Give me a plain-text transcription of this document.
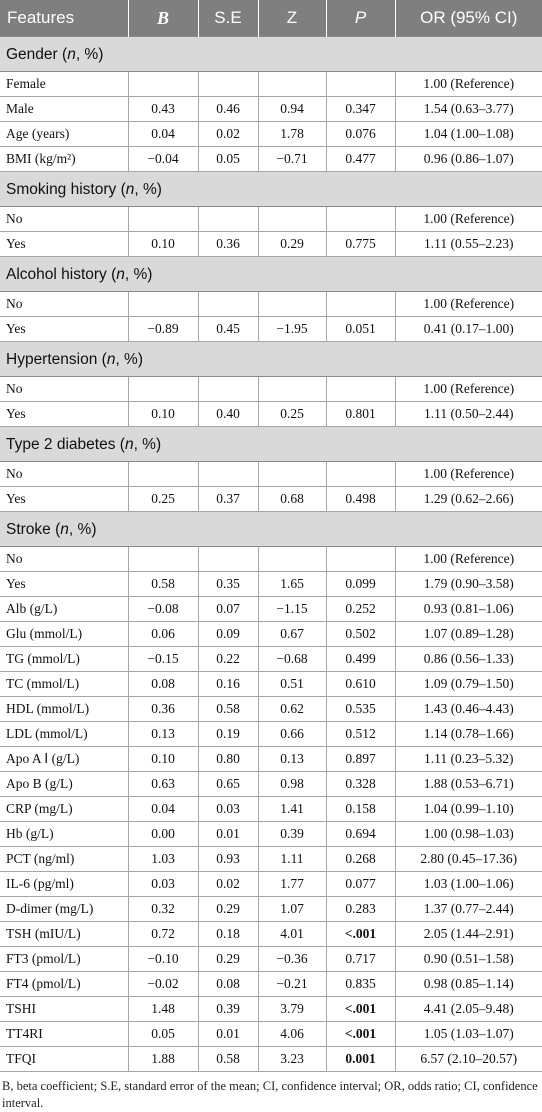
Features	B	S.E	Z	P	OR (95% CI)
Gender (n, %)					
Female					1.00 (Reference)
Male	0.43	0.46	0.94	0.347	1.54 (0.63–3.77)
Age (years)	0.04	0.02	1.78	0.076	1.04 (1.00–1.08)
BMI (kg/m²)	−0.04	0.05	−0.71	0.477	0.96 (0.86–1.07)
Smoking history (n, %)					
No					1.00 (Reference)
Yes	0.10	0.36	0.29	0.775	1.11 (0.55–2.23)
Alcohol history (n, %)					
No					1.00 (Reference)
Yes	−0.89	0.45	−1.95	0.051	0.41 (0.17–1.00)
Hypertension (n, %)					
No					1.00 (Reference)
Yes	0.10	0.40	0.25	0.801	1.11 (0.50–2.44)
Type 2 diabetes (n, %)					
No					1.00 (Reference)
Yes	0.25	0.37	0.68	0.498	1.29 (0.62–2.66)
Stroke (n, %)					
No					1.00 (Reference)
Yes	0.58	0.35	1.65	0.099	1.79 (0.90–3.58)
Alb (g/L)	−0.08	0.07	−1.15	0.252	0.93 (0.81–1.06)
Glu (mmol/L)	0.06	0.09	0.67	0.502	1.07 (0.89–1.28)
TG (mmol/L)	−0.15	0.22	−0.68	0.499	0.86 (0.56–1.33)
TC (mmol/L)	0.08	0.16	0.51	0.610	1.09 (0.79–1.50)
HDL (mmol/L)	0.36	0.58	0.62	0.535	1.43 (0.46–4.43)
LDL (mmol/L)	0.13	0.19	0.66	0.512	1.14 (0.78–1.66)
Apo A Ⅰ (g/L)	0.10	0.80	0.13	0.897	1.11 (0.23–5.32)
Apo B (g/L)	0.63	0.65	0.98	0.328	1.88 (0.53–6.71)
CRP (mg/L)	0.04	0.03	1.41	0.158	1.04 (0.99–1.10)
Hb (g/L)	0.00	0.01	0.39	0.694	1.00 (0.98–1.03)
PCT (ng/ml)	1.03	0.93	1.11	0.268	2.80 (0.45–17.36)
IL-6 (pg/ml)	0.03	0.02	1.77	0.077	1.03 (1.00–1.06)
D-dimer (mg/L)	0.32	0.29	1.07	0.283	1.37 (0.77–2.44)
TSH (mIU/L)	0.72	0.18	4.01	<.001	2.05 (1.44–2.91)
FT3 (pmol/L)	−0.10	0.29	−0.36	0.717	0.90 (0.51–1.58)
FT4 (pmol/L)	−0.02	0.08	−0.21	0.835	0.98 (0.85–1.14)
TSHI	1.48	0.39	3.79	<.001	4.41 (2.05–9.48)
TT4RI	0.05	0.01	4.06	<.001	1.05 (1.03–1.07)
TFQI	1.88	0.58	3.23	0.001	6.57 (2.10–20.57)
B, beta coefficient; S.E, standard error of the mean; CI, confidence interval; OR, odds ratio; CI, confidence interval.
